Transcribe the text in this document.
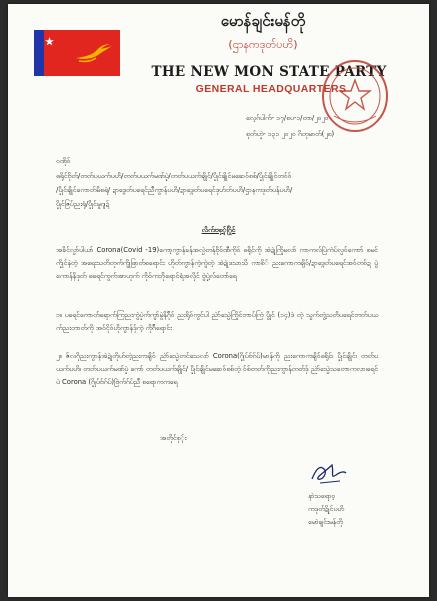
မောန်ချင်းမန်တို
(ဌာနကဒုတ်ပဟိ)
THE NEW MON STATE PARTY
GENERAL HEADQUARTERS
လေ့ဂ်ပါက်- ၁၇/စပ-၁/တာ/၂၀၂၀
စုတ်ဟ္ဍဲ- ၁၃၁ ၂၀၂၀ ဂိတုမာတ်(၂၈)
ဝဏိုဝ်
ဓရိုင်ဗိုတ်/တတ်ပယက်ပဟိ/တတ်ပယက်မဏ်ပ္ဍဲ/တတ်ပယက်ချိုင်/ပ္ဍိုင်ချိုင်မဆေဝ်စစ်/ပ္ဍိုင်ချိုင်တဝ်ဝ်
/ပ္ဍိုင်ချိုင်ကောတ်မိစရဲ/ ဍာဒ္ဂေတ်ပရေင်ညဳကွာန်ပဟိ/ဍာဒ္ဂေတ်ပရေင်ဒုဟ်တ်ပဟိ/ဌာနကဒုတ်ပန်ပဟိ/
ပ္ဍိုင်ဇြပ်ညးရုံ/ပ္ဍိုင်မူဂျဍ်
လိက်ဗစှ္ၚ်ဂြိုင်
အခိင်လ္ပာ်ပါယာ် Corona(Covid -19)ကော့ကွာန်ခန်အလ္ပဲတန်ဗိုဝ်ဏီကိုဝ် ဓရိုင်ကို အဲဍုဲကြိုမလာ် ကာကလ်ပြဲကဲပ်လ္ပဝ်ကောာ် စမၚ်က္ဍိုင်နဲတဲ့ အရေးသတိတုက်ကွိုဖြာတ်စရောင်း ဟိုတ်ကွာန်ကဲ့ကွဲတဲ့ အဲဍုဲဒသာသိ ကာစိ် ညးကောကချိဝ်/ဍာဒ္ဂေတ်ပရေင်အဝ်တဝ်ဍ ပွဲကောန်နိဒုတ် ဓရေင်ကွက်အာဟုက် ကိုဝ်ကဘိုရောင်ရံအလိုင် ဗွဲပ္ဍဲ့လ်တော်ရေ
၁။ ပရေင်ကောတ်ရောက်ကြညးကွဲပ္ဍဲက်ကွာ်မွဲနိဂ်ိုဝ် ညးရိုဝ်ကွင်ပါ ညဲာ်သ္ပေဲကြိုင်တာပ်ကြဲ ပွိုင် (၁၄)ဒဲ တဲ့ သွက်တွဲ့သတိပရေင်တတ်ပယက်ညးတာတ်ကို အဝ်ငိုဝ်ဟိုကွာန်ဒှ်ကဲ့ ကိုဂ်ိရောင်း
၂။ ဇ်လဂိုညးကွာန်အဲဍုဲတိုဟ်တဲ့ညးကချိဝ် ညဲာ်သ္ပေဲတင်သေလာ် Corona(ဂ္ဍိုပ်ဗ်ဂ်ပ်)မာန်ကို ညးကောကချိဝ်ဓရိုင်၊ ပ္ဍိုင်ချိုင်၊ တတ်ပယက်ပဟိ၊ တတ်ပယက်မဏ်ပ္ဍဲ ကော် တတ်ပယက်ချိုင်/ ပ္ဍိုင်ချိုင်မဆေဝ်စစ်တဲ့ ဝ်စ်တတ်ကိုညးကွာန်တတ်ဒှ် ညဲာ်သ္ပေဲသတောကလာ၊ရေင်ပဲ Corona (ဂ္ဍိုပ်ဗ်ဂ်ပ်)ဗြဲက်ဂ်ပ်ညဳ စရောကကရေ
အတိုင်စှ္ၚ်း
နာဲသရောဝ့
ကဒုတ်ဍိုင်ပဟိ
မောဲချင်းမန်တို
